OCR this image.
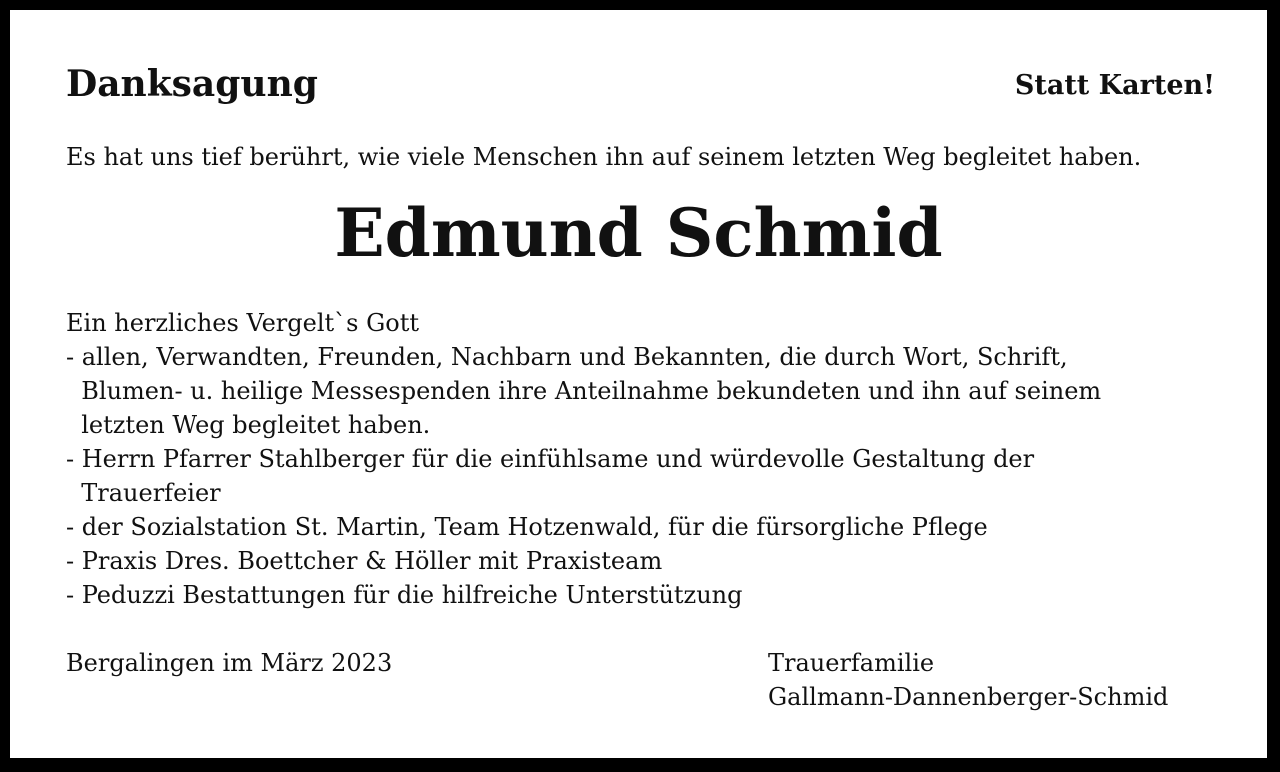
Danksagung	Statt Karten!
Es hat uns tief berührt, wie viele Menschen ihn auf seinem letzten Weg begleitet haben.
Edmund Schmid
Ein herzliches Vergelt`s Gott
- allen, Verwandten, Freunden, Nachbarn und Bekannten, die durch Wort, Schrift,
Blumen- u. heilige Messespenden ihre Anteilnahme bekundeten und ihn auf seinem
letzten Weg begleitet haben.
- Herrn Pfarrer Stahlberger für die einfühlsame und würdevolle Gestaltung der
Trauerfeier
- der Sozialstation St. Martin, Team Hotzenwald, für die fürsorgliche Pflege
- Praxis Dres. Boettcher & Höller mit Praxisteam
- Peduzzi Bestattungen für die hilfreiche Unterstützung
Bergalingen im März 2023	Trauerfamilie
Gallmann-Dannenberger-Schmid
